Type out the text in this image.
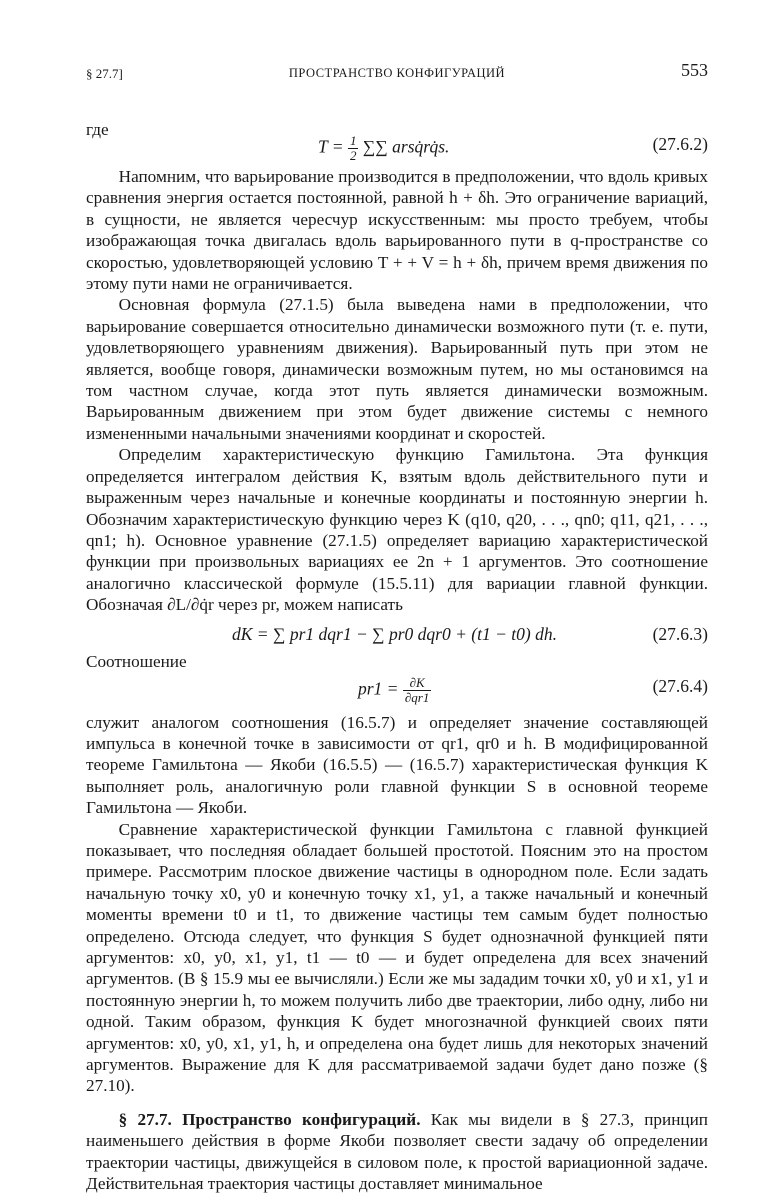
§ 27.7]	ПРОСТРАНСТВО КОНФИГУРАЦИЙ	553
где
$T = \frac{1}{2}$ ∑∑ arsq̇rq̇s.	(27.6.2)

Напомним, что варьирование производится в предположении, что вдоль кривых сравнения энергия остается постоянной, равной h + δh. Это ограничение вариаций, в сущности, не является чересчур искусственным: мы просто требуем, чтобы изображающая точка двигалась вдоль варьированного пути в q-пространстве со скоростью, удовлетворяющей условию T + + V = h + δh, причем время движения по этому пути нами не ограничивается.

Основная формула (27.1.5) была выведена нами в предположении, что варьирование совершается относительно динамически возможного пути (т. е. пути, удовлетворяющего уравнениям движения). Варьированный путь при этом не является, вообще говоря, динамически возможным путем, но мы остановимся на том частном случае, когда этот путь является динамически возможным. Варьированным движением при этом будет движение системы с немного измененными начальными значениями координат и скоростей.

Определим характеристическую функцию Гамильтона. Эта функция определяется интегралом действия K, взятым вдоль действительного пути и выраженным через начальные и конечные координаты и постоянную энергии h. Обозначим характеристическую функцию через K (q10, q20, . . ., qn0; q11, q21, . . ., qn1; h). Основное уравнение (27.1.5) определяет вариацию характеристической функции при произвольных вариациях ее 2n + 1 аргументов. Это соотношение аналогично классической формуле (15.5.11) для вариации главной функции. Обозначая ∂L/∂q̇r через pr, можем написать

dK = ∑ pr1 dqr1 − ∑ pr0 dqr0 + (t1 − t0) dh.	(27.6.3)
Соотношение
$pr1 = \frac{\partial K}{\partial qr1}$	(27.6.4)

служит аналогом соотношения (16.5.7) и определяет значение составляющей импульса в конечной точке в зависимости от qr1, qr0 и h. В модифицированной теореме Гамильтона — Якоби (16.5.5) — (16.5.7) характеристическая функция K выполняет роль, аналогичную роли главной функции S в основной теореме Гамильтона — Якоби.

Сравнение характеристической функции Гамильтона с главной функцией показывает, что последняя обладает большей простотой. Поясним это на простом примере. Рассмотрим плоское движение частицы в однородном поле. Если задать начальную точку x0, y0 и конечную точку x1, y1, а также начальный и конечный моменты времени t0 и t1, то движение частицы тем самым будет полностью определено. Отсюда следует, что функция S будет однозначной функцией пяти аргументов: x0, y0, x1, y1, t1 — t0 — и будет определена для всех значений аргументов. (В § 15.9 мы ее вычисляли.) Если же мы зададим точки x0, y0 и x1, y1 и постоянную энергии h, то можем получить либо две траектории, либо одну, либо ни одной. Таким образом, функция K будет многозначной функцией своих пяти аргументов: x0, y0, x1, y1, h, и определена она будет лишь для некоторых значений аргументов. Выражение для K для рассматриваемой задачи будет дано позже (§ 27.10).

§ 27.7. Пространство конфигураций. Как мы видели в § 27.3, принцип наименьшего действия в форме Якоби позволяет свести задачу об определении траектории частицы, движущейся в силовом поле, к простой вариационной задаче. Действительная траектория частицы доставляет минимальное
